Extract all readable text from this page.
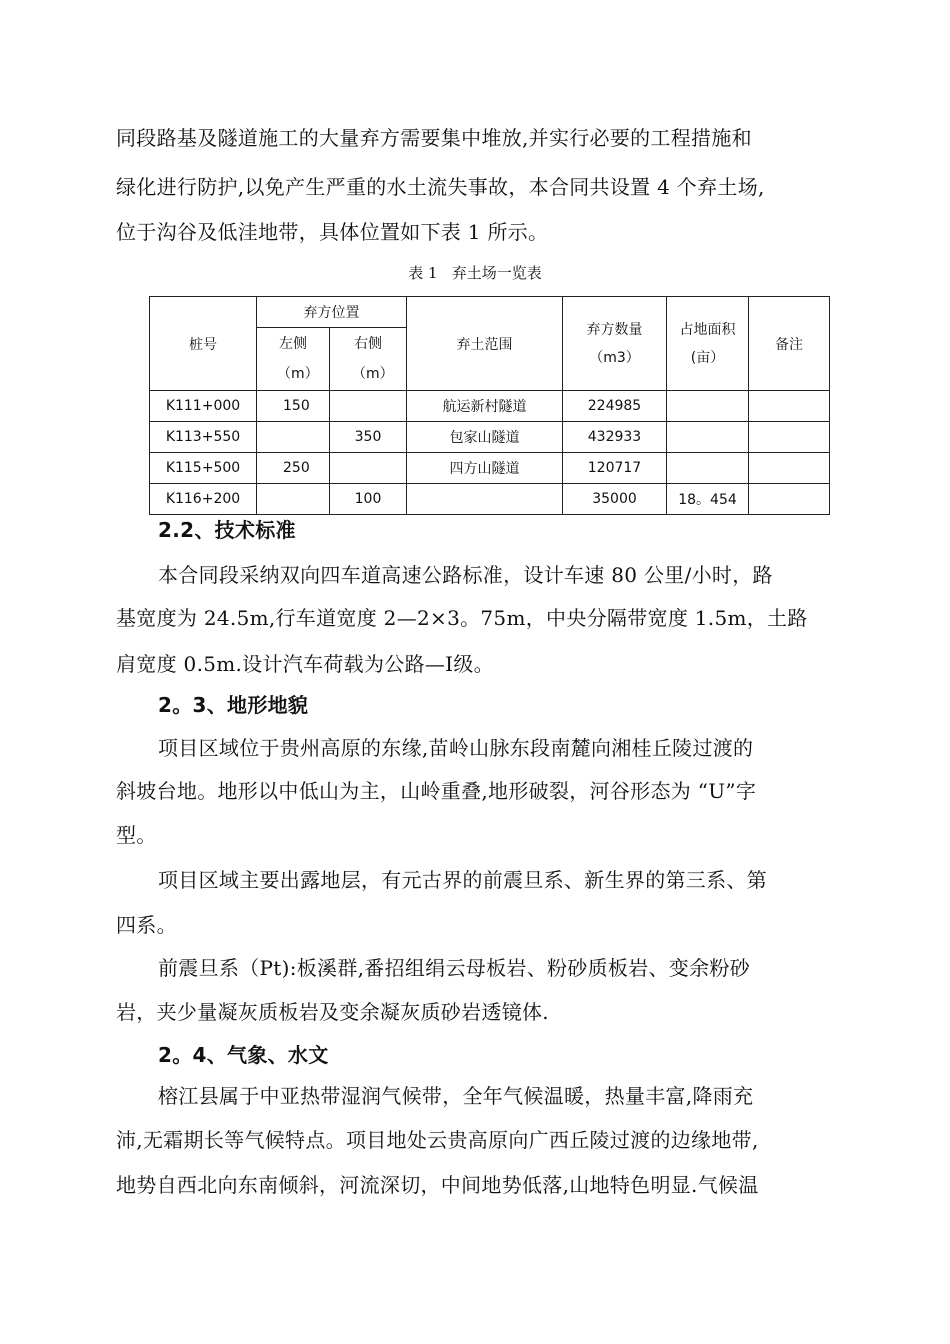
同段路基及隧道施工的大量弃方需要集中堆放,并实行必要的工程措施和
绿化进行防护,以免产生严重的水土流失事故，本合同共设置 4 个弃土场,
位于沟谷及低洼地带，具体位置如下表 1 所示。
表 1   弃土场一览表
桩号	弃方位置		弃土范围	弃方数量（m3）	占地面积(亩）	备注
	左侧（m）	右侧（m）				
K111+000	150		航运新村隧道	224985		
K113+550		350	包家山隧道	432933		
K115+500	250		四方山隧道	120717		
K116+200		100		35000	18。454	
2.2、技术标准
本合同段采纳双向四车道高速公路标准，设计车速 80 公里/小时，路
基宽度为 24.5m,行车道宽度 2—2×3。75m，中央分隔带宽度 1.5m，土路
肩宽度 0.5m.设计汽车荷载为公路—Ⅰ级。
2。3、地形地貌
项目区域位于贵州高原的东缘,苗岭山脉东段南麓向湘桂丘陵过渡的
斜坡台地。地形以中低山为主，山岭重叠,地形破裂，河谷形态为 “U”字
型。
项目区域主要出露地层，有元古界的前震旦系、新生界的第三系、第
四系。
前震旦系（Pt):板溪群,番招组绢云母板岩、粉砂质板岩、变余粉砂
岩，夹少量凝灰质板岩及变余凝灰质砂岩透镜体.
2。4、气象、水文
榕江县属于中亚热带湿润气候带，全年气候温暖，热量丰富,降雨充
沛,无霜期长等气候特点。项目地处云贵高原向广西丘陵过渡的边缘地带,
地势自西北向东南倾斜，河流深切，中间地势低落,山地特色明显.气候温
